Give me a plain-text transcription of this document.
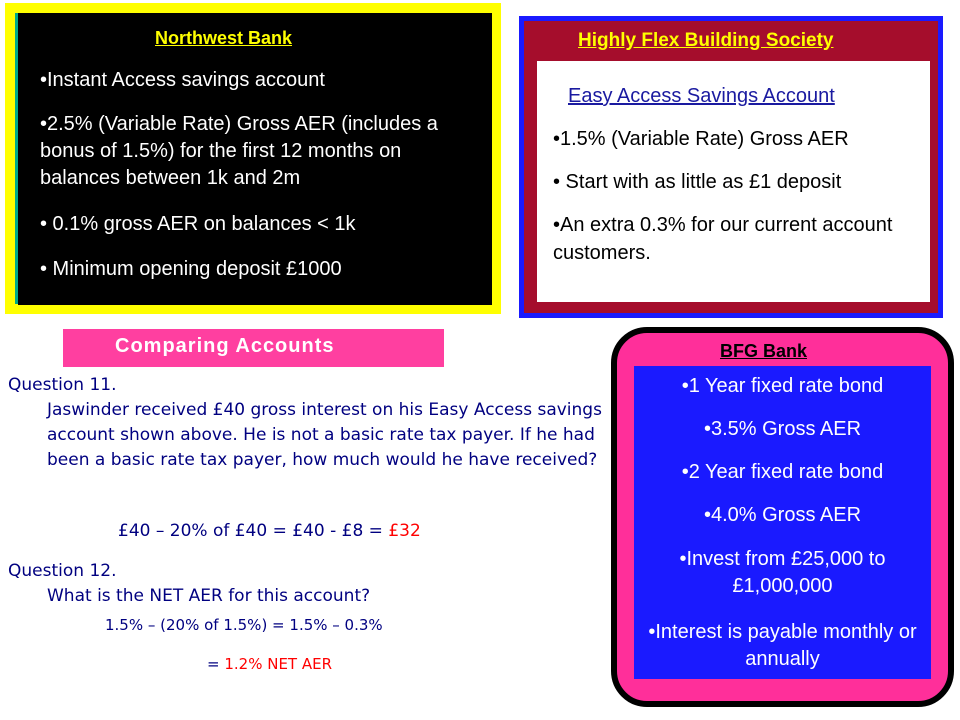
Northwest Bank

•Instant Access savings account

•2.5% (Variable Rate) Gross AER (includes a bonus of 1.5%) for the first 12 months on balances between 1k and 2m

• 0.1% gross AER on balances < 1k

• Minimum opening deposit £1000

Highly Flex Building Society
Easy Access Savings Account

•1.5% (Variable Rate) Gross AER

• Start with as little as £1 deposit

•An extra 0.3% for our current account customers.

Comparing Accounts

Question 11.

Jaswinder received £40 gross interest on his Easy Access savings account shown above. He is not a basic rate tax payer. If he had been a basic rate tax payer, how much would he have received?

£40 – 20% of £40 = £40 - £8 = £32

Question 12.

What is the NET AER for this account?

1.5% – (20% of 1.5%) = 1.5% – 0.3%

= 1.2% NET AER

BFG Bank

•1 Year fixed rate bond

•3.5% Gross AER

•2 Year fixed rate bond

•4.0% Gross AER

•Invest from £25,000 to £1,000,000

•Interest is payable monthly or annually
